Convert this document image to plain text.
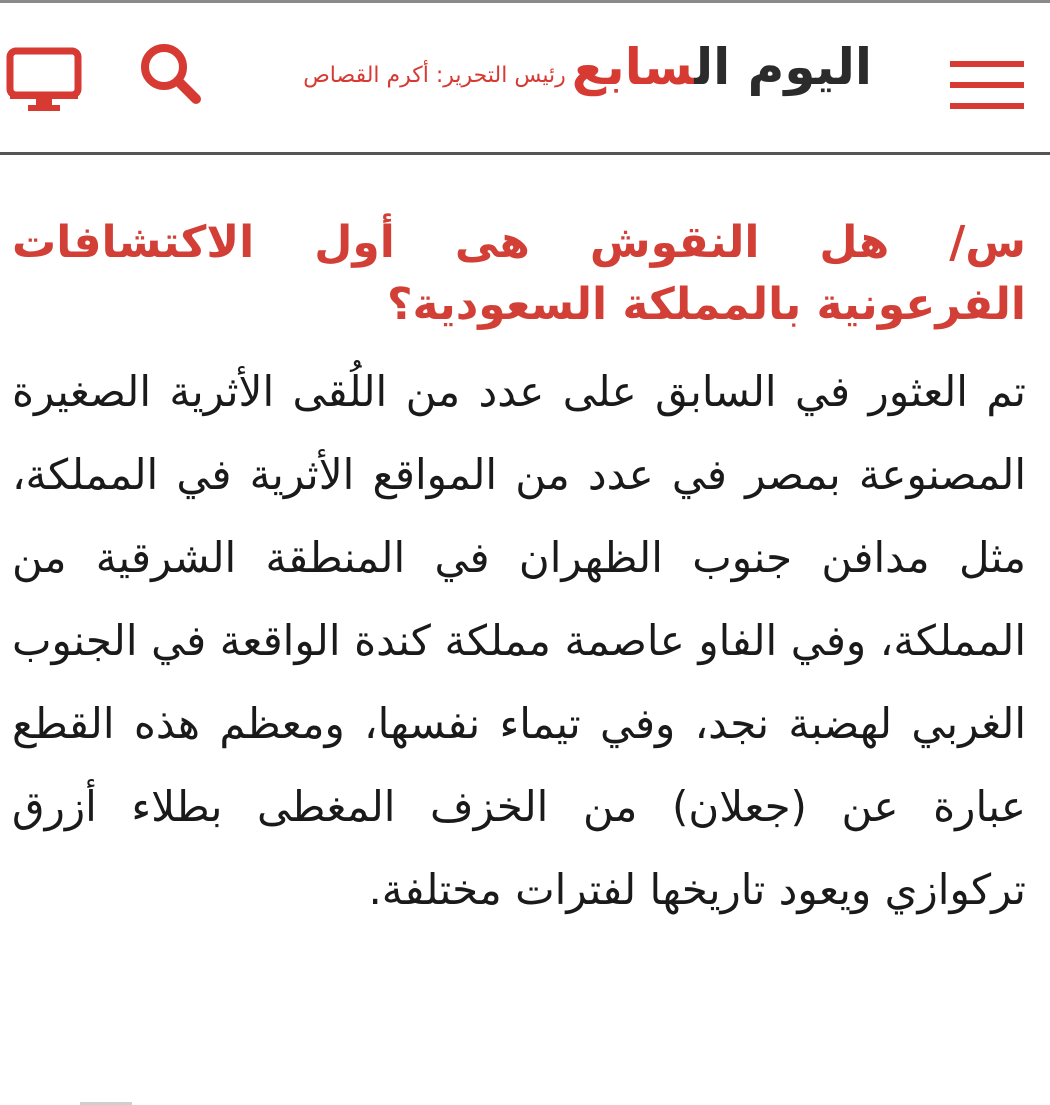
اليوم السابع
رئيس التحرير: أكرم القصاص
س/ هل النقوش هى أول الاكتشافات الفرعونية بالمملكة السعودية؟

تم العثور في السابق على عدد من اللُقى الأثرية الصغيرة المصنوعة بمصر في عدد من المواقع الأثرية في المملكة، مثل مدافن جنوب الظهران في المنطقة الشرقية من المملكة، وفي الفاو عاصمة مملكة كندة الواقعة في الجنوب الغربي لهضبة نجد، وفي تيماء نفسها، ومعظم هذه القطع عبارة عن (جعلان) من الخزف المغطى بطلاء أزرق تركوازي ويعود تاريخها لفترات مختلفة.
